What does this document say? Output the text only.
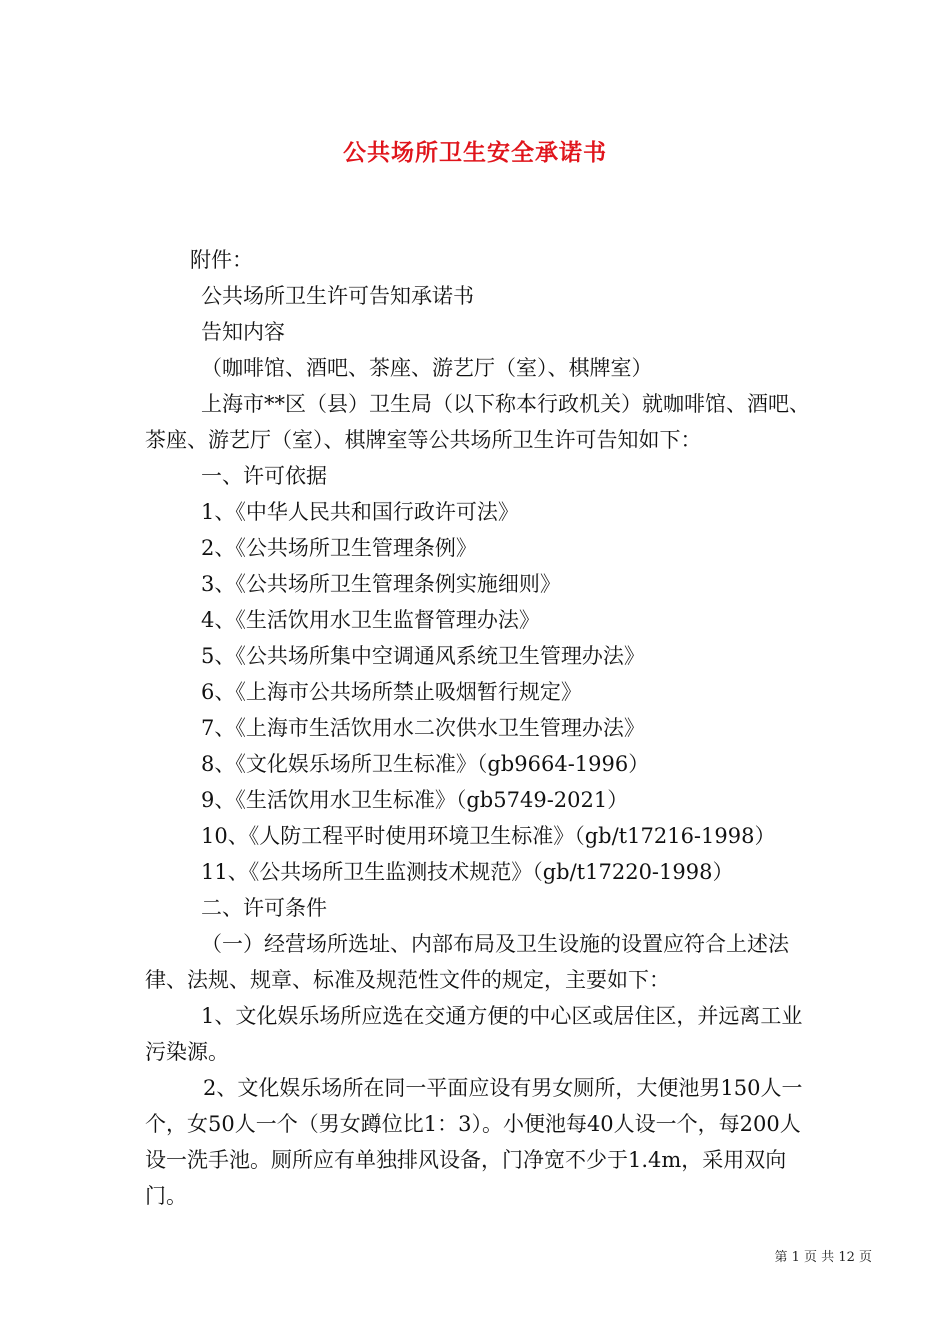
公共场所卫生安全承诺书

附件：

公共场所卫生许可告知承诺书

告知内容

（咖啡馆、酒吧、茶座、游艺厅（室）、棋牌室）

上海市**区（县）卫生局（以下称本行政机关）就咖啡馆、酒吧、茶座、游艺厅（室）、棋牌室等公共场所卫生许可告知如下：

一、许可依据

1、《中华人民共和国行政许可法》

2、《公共场所卫生管理条例》

3、《公共场所卫生管理条例实施细则》

4、《生活饮用水卫生监督管理办法》

5、《公共场所集中空调通风系统卫生管理办法》

6、《上海市公共场所禁止吸烟暂行规定》

7、《上海市生活饮用水二次供水卫生管理办法》

8、《文化娱乐场所卫生标准》（gb9664-1996）

9、《生活饮用水卫生标准》（gb5749-2021）

10、《人防工程平时使用环境卫生标准》（gb/t17216-1998）

11、《公共场所卫生监测技术规范》（gb/t17220-1998）

二、许可条件

（一）经营场所选址、内部布局及卫生设施的设置应符合上述法律、法规、规章、标准及规范性文件的规定，主要如下：

1、文化娱乐场所应选在交通方便的中心区或居住区，并远离工业污染源。

2、文化娱乐场所在同一平面应设有男女厕所，大便池男150人一个，女50人一个（男女蹲位比1：3）。小便池每40人设一个，每200人设一洗手池。厕所应有单独排风设备，门净宽不少于1.4m，采用双向门。

第 1 页 共 12 页
